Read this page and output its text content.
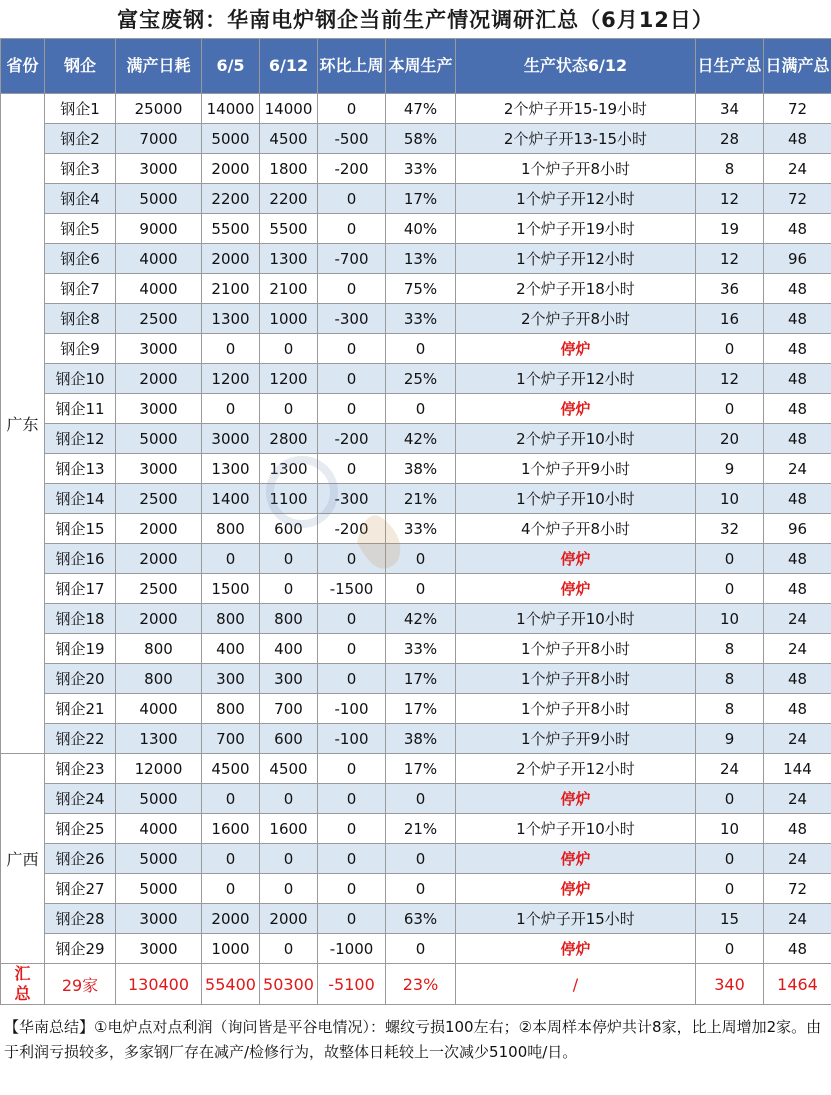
富宝废钢：华南电炉钢企当前生产情况调研汇总（6月12日）
省份	钢企	满产日耗	6/5	6/12	环比上周	本周生产	生产状态6/12	日生产总	日满产总
广东	钢企1	25000	14000	14000	0	47%	2个炉子开15-19小时	34	72
	钢企2	7000	5000	4500	-500	58%	2个炉子开13-15小时	28	48
	钢企3	3000	2000	1800	-200	33%	1个炉子开8小时	8	24
	钢企4	5000	2200	2200	0	17%	1个炉子开12小时	12	72
	钢企5	9000	5500	5500	0	40%	1个炉子开19小时	19	48
	钢企6	4000	2000	1300	-700	13%	1个炉子开12小时	12	96
	钢企7	4000	2100	2100	0	75%	2个炉子开18小时	36	48
	钢企8	2500	1300	1000	-300	33%	2个炉子开8小时	16	48
	钢企9	3000	0	0	0	0	停炉	0	48
	钢企10	2000	1200	1200	0	25%	1个炉子开12小时	12	48
	钢企11	3000	0	0	0	0	停炉	0	48
	钢企12	5000	3000	2800	-200	42%	2个炉子开10小时	20	48
	钢企13	3000	1300	1300	0	38%	1个炉子开9小时	9	24
	钢企14	2500	1400	1100	-300	21%	1个炉子开10小时	10	48
	钢企15	2000	800	600	-200	33%	4个炉子开8小时	32	96
	钢企16	2000	0	0	0	0	停炉	0	48
	钢企17	2500	1500	0	-1500	0	停炉	0	48
	钢企18	2000	800	800	0	42%	1个炉子开10小时	10	24
	钢企19	800	400	400	0	33%	1个炉子开8小时	8	24
	钢企20	800	300	300	0	17%	1个炉子开8小时	8	48
	钢企21	4000	800	700	-100	17%	1个炉子开8小时	8	48
	钢企22	1300	700	600	-100	38%	1个炉子开9小时	9	24
广西	钢企23	12000	4500	4500	0	17%	2个炉子开12小时	24	144
	钢企24	5000	0	0	0	0	停炉	0	24
	钢企25	4000	1600	1600	0	21%	1个炉子开10小时	10	48
	钢企26	5000	0	0	0	0	停炉	0	24
	钢企27	5000	0	0	0	0	停炉	0	72
	钢企28	3000	2000	2000	0	63%	1个炉子开15小时	15	24
	钢企29	3000	1000	0	-1000	0	停炉	0	48
汇
总	29家	130400	55400	50300	-5100	23%	/	340	1464
【华南总结】①电炉点对点利润（询问皆是平谷电情况）：螺纹亏损100左右；②本周样本停炉共计8家，比上周增加2家。由于利润亏损较多，多家钢厂存在减产/检修行为，故整体日耗较上一次减少5100吨/日。
